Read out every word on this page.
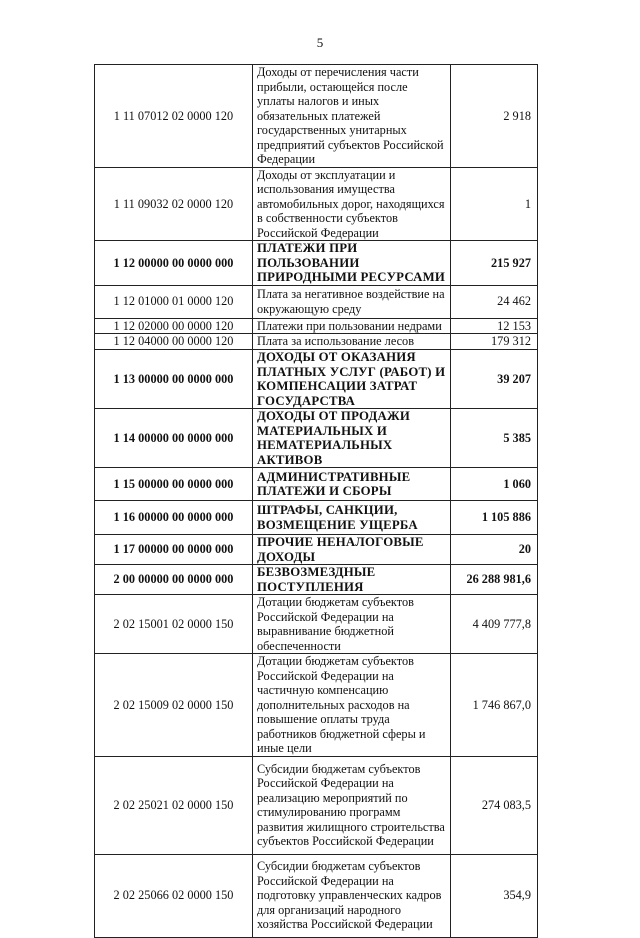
5
1 11 07012 02 0000 120	Доходы от перечисления части прибыли, остающейся после уплаты налогов и иных обязательных платежей государственных унитарных предприятий субъектов Российской Федерации	2 918
1 11 09032 02 0000 120	Доходы от эксплуатации и использования имущества автомобильных дорог, находящихся в собственности субъектов Российской Федерации	1
1 12 00000 00 0000 000	ПЛАТЕЖИ ПРИ ПОЛЬЗОВАНИИ ПРИРОДНЫМИ РЕСУРСАМИ	215 927
1 12 01000 01 0000 120	Плата за негативное воздействие на окружающую среду	24 462
1 12 02000 00 0000 120	Платежи при пользовании недрами	12 153
1 12 04000 00 0000 120	Плата за использование лесов	179 312
1 13 00000 00 0000 000	ДОХОДЫ ОТ ОКАЗАНИЯ ПЛАТНЫХ УСЛУГ (РАБОТ) И КОМПЕНСАЦИИ ЗАТРАТ ГОСУДАРСТВА	39 207
1 14 00000 00 0000 000	ДОХОДЫ ОТ ПРОДАЖИ МАТЕРИАЛЬНЫХ И НЕМАТЕРИАЛЬНЫХ АКТИВОВ	5 385
1 15 00000 00 0000 000	АДМИНИСТРАТИВНЫЕ ПЛАТЕЖИ И СБОРЫ	1 060
1 16 00000 00 0000 000	ШТРАФЫ, САНКЦИИ, ВОЗМЕЩЕНИЕ УЩЕРБА	1 105 886
1 17 00000 00 0000 000	ПРОЧИЕ НЕНАЛОГОВЫЕ ДОХОДЫ	20
2 00 00000 00 0000 000	БЕЗВОЗМЕЗДНЫЕ ПОСТУПЛЕНИЯ	26 288 981,6
2 02 15001 02 0000 150	Дотации бюджетам субъектов Российской Федерации на выравнивание бюджетной обеспеченности	4 409 777,8
2 02 15009 02 0000 150	Дотации бюджетам субъектов Российской Федерации на частичную компенсацию дополнительных расходов на повышение оплаты труда работников бюджетной сферы и иные цели	1 746 867,0
2 02 25021 02 0000 150	Субсидии бюджетам субъектов Российской Федерации на реализацию мероприятий по стимулированию программ развития жилищного строительства субъектов Российской Федерации	274 083,5
2 02 25066 02 0000 150	Субсидии бюджетам субъектов Российской Федерации на подготовку управленческих кадров для организаций народного хозяйства Российской Федерации	354,9
